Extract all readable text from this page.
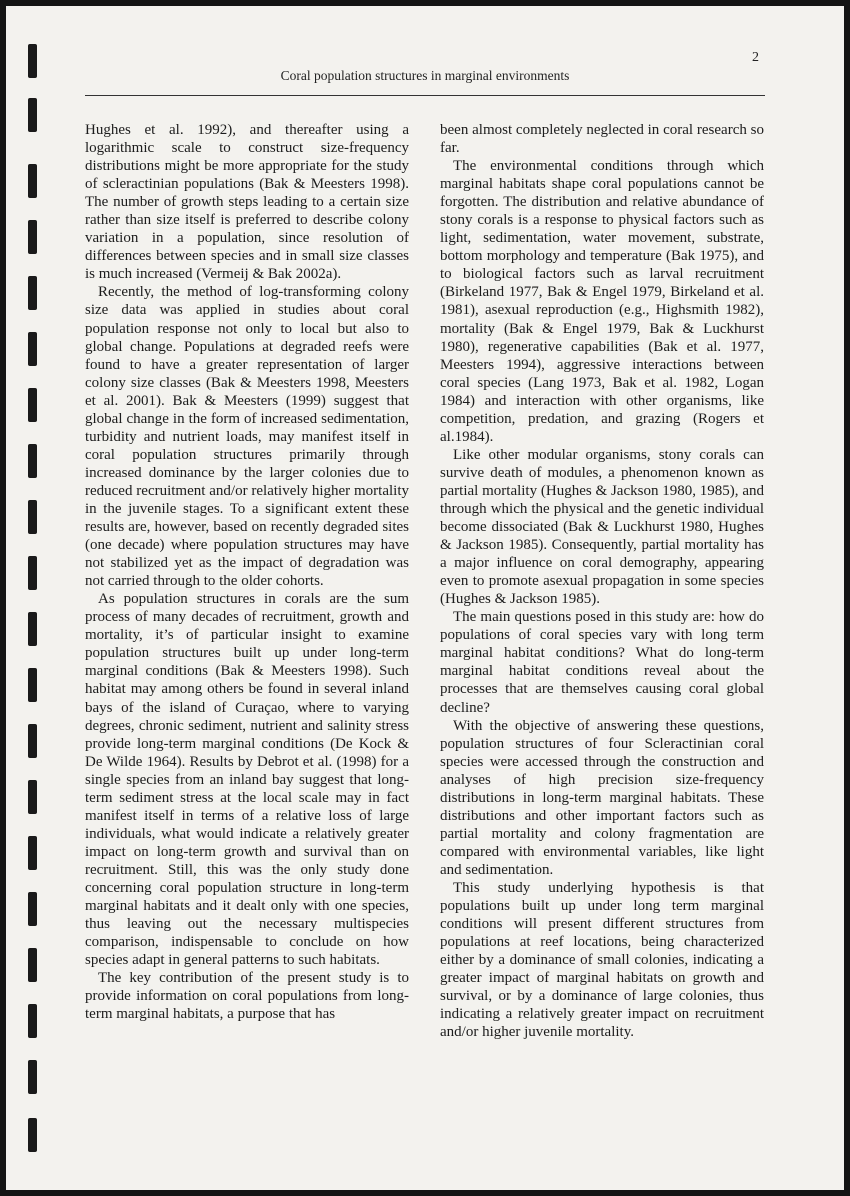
2
Coral population structures in marginal environments

Hughes et al. 1992), and thereafter using a logarithmic scale to construct size-frequency distributions might be more appropriate for the study of scleractinian populations (Bak & Meesters 1998). The number of growth steps leading to a certain size rather than size itself is preferred to describe colony variation in a population, since resolution of differences between species and in small size classes is much increased (Vermeij & Bak 2002a).

Recently, the method of log-transforming colony size data was applied in studies about coral population response not only to local but also to global change. Populations at degraded reefs were found to have a greater representation of larger colony size classes (Bak & Meesters 1998, Meesters et al. 2001). Bak & Meesters (1999) suggest that global change in the form of increased sedimentation, turbidity and nutrient loads, may manifest itself in coral population structures primarily through increased dominance by the larger colonies due to reduced recruitment and/or relatively higher mortality in the juvenile stages. To a significant extent these results are, however, based on recently degraded sites (one decade) where population structures may have not stabilized yet as the impact of degradation was not carried through to the older cohorts.

As population structures in corals are the sum process of many decades of recruitment, growth and mortality, it’s of particular insight to examine population structures built up under long-term marginal conditions (Bak & Meesters 1998). Such habitat may among others be found in several inland bays of the island of Curaçao, where to varying degrees, chronic sediment, nutrient and salinity stress provide long-term marginal conditions (De Kock & De Wilde 1964). Results by Debrot et al. (1998) for a single species from an inland bay suggest that long-term sediment stress at the local scale may in fact manifest itself in terms of a relative loss of large individuals, what would indicate a relatively greater impact on long-term growth and survival than on recruitment. Still, this was the only study done concerning coral population structure in long-term marginal habitats and it dealt only with one species, thus leaving out the necessary multispecies comparison, indispensable to conclude on how species adapt in general patterns to such habitats.

The key contribution of the present study is to provide information on coral populations from long-term marginal habitats, a purpose that has

been almost completely neglected in coral research so far.

The environmental conditions through which marginal habitats shape coral populations cannot be forgotten. The distribution and relative abundance of stony corals is a response to physical factors such as light, sedimentation, water movement, substrate, bottom morphology and temperature (Bak 1975), and to biological factors such as larval recruitment (Birkeland 1977, Bak & Engel 1979, Birkeland et al. 1981), asexual reproduction (e.g., Highsmith 1982), mortality (Bak & Engel 1979, Bak & Luckhurst 1980), regenerative capabilities (Bak et al. 1977, Meesters 1994), aggressive interactions between coral species (Lang 1973, Bak et al. 1982, Logan 1984) and interaction with other organisms, like competition, predation, and grazing (Rogers et al.1984).

Like other modular organisms, stony corals can survive death of modules, a phenomenon known as partial mortality (Hughes & Jackson 1980, 1985), and through which the physical and the genetic individual become dissociated (Bak & Luckhurst 1980, Hughes & Jackson 1985). Consequently, partial mortality has a major influence on coral demography, appearing even to promote asexual propagation in some species (Hughes & Jackson 1985).

The main questions posed in this study are: how do populations of coral species vary with long term marginal habitat conditions? What do long-term marginal habitat conditions reveal about the processes that are themselves causing coral global decline?

With the objective of answering these questions, population structures of four Scleractinian coral species were accessed through the construction and analyses of high precision size-frequency distributions in long-term marginal habitats. These distributions and other important factors such as partial mortality and colony fragmentation are compared with environmental variables, like light and sedimentation.

This study underlying hypothesis is that populations built up under long term marginal conditions will present different structures from populations at reef locations, being characterized either by a dominance of small colonies, indicating a greater impact of marginal habitats on growth and survival, or by a dominance of large colonies, thus indicating a relatively greater impact on recruitment and/or higher juvenile mortality.
